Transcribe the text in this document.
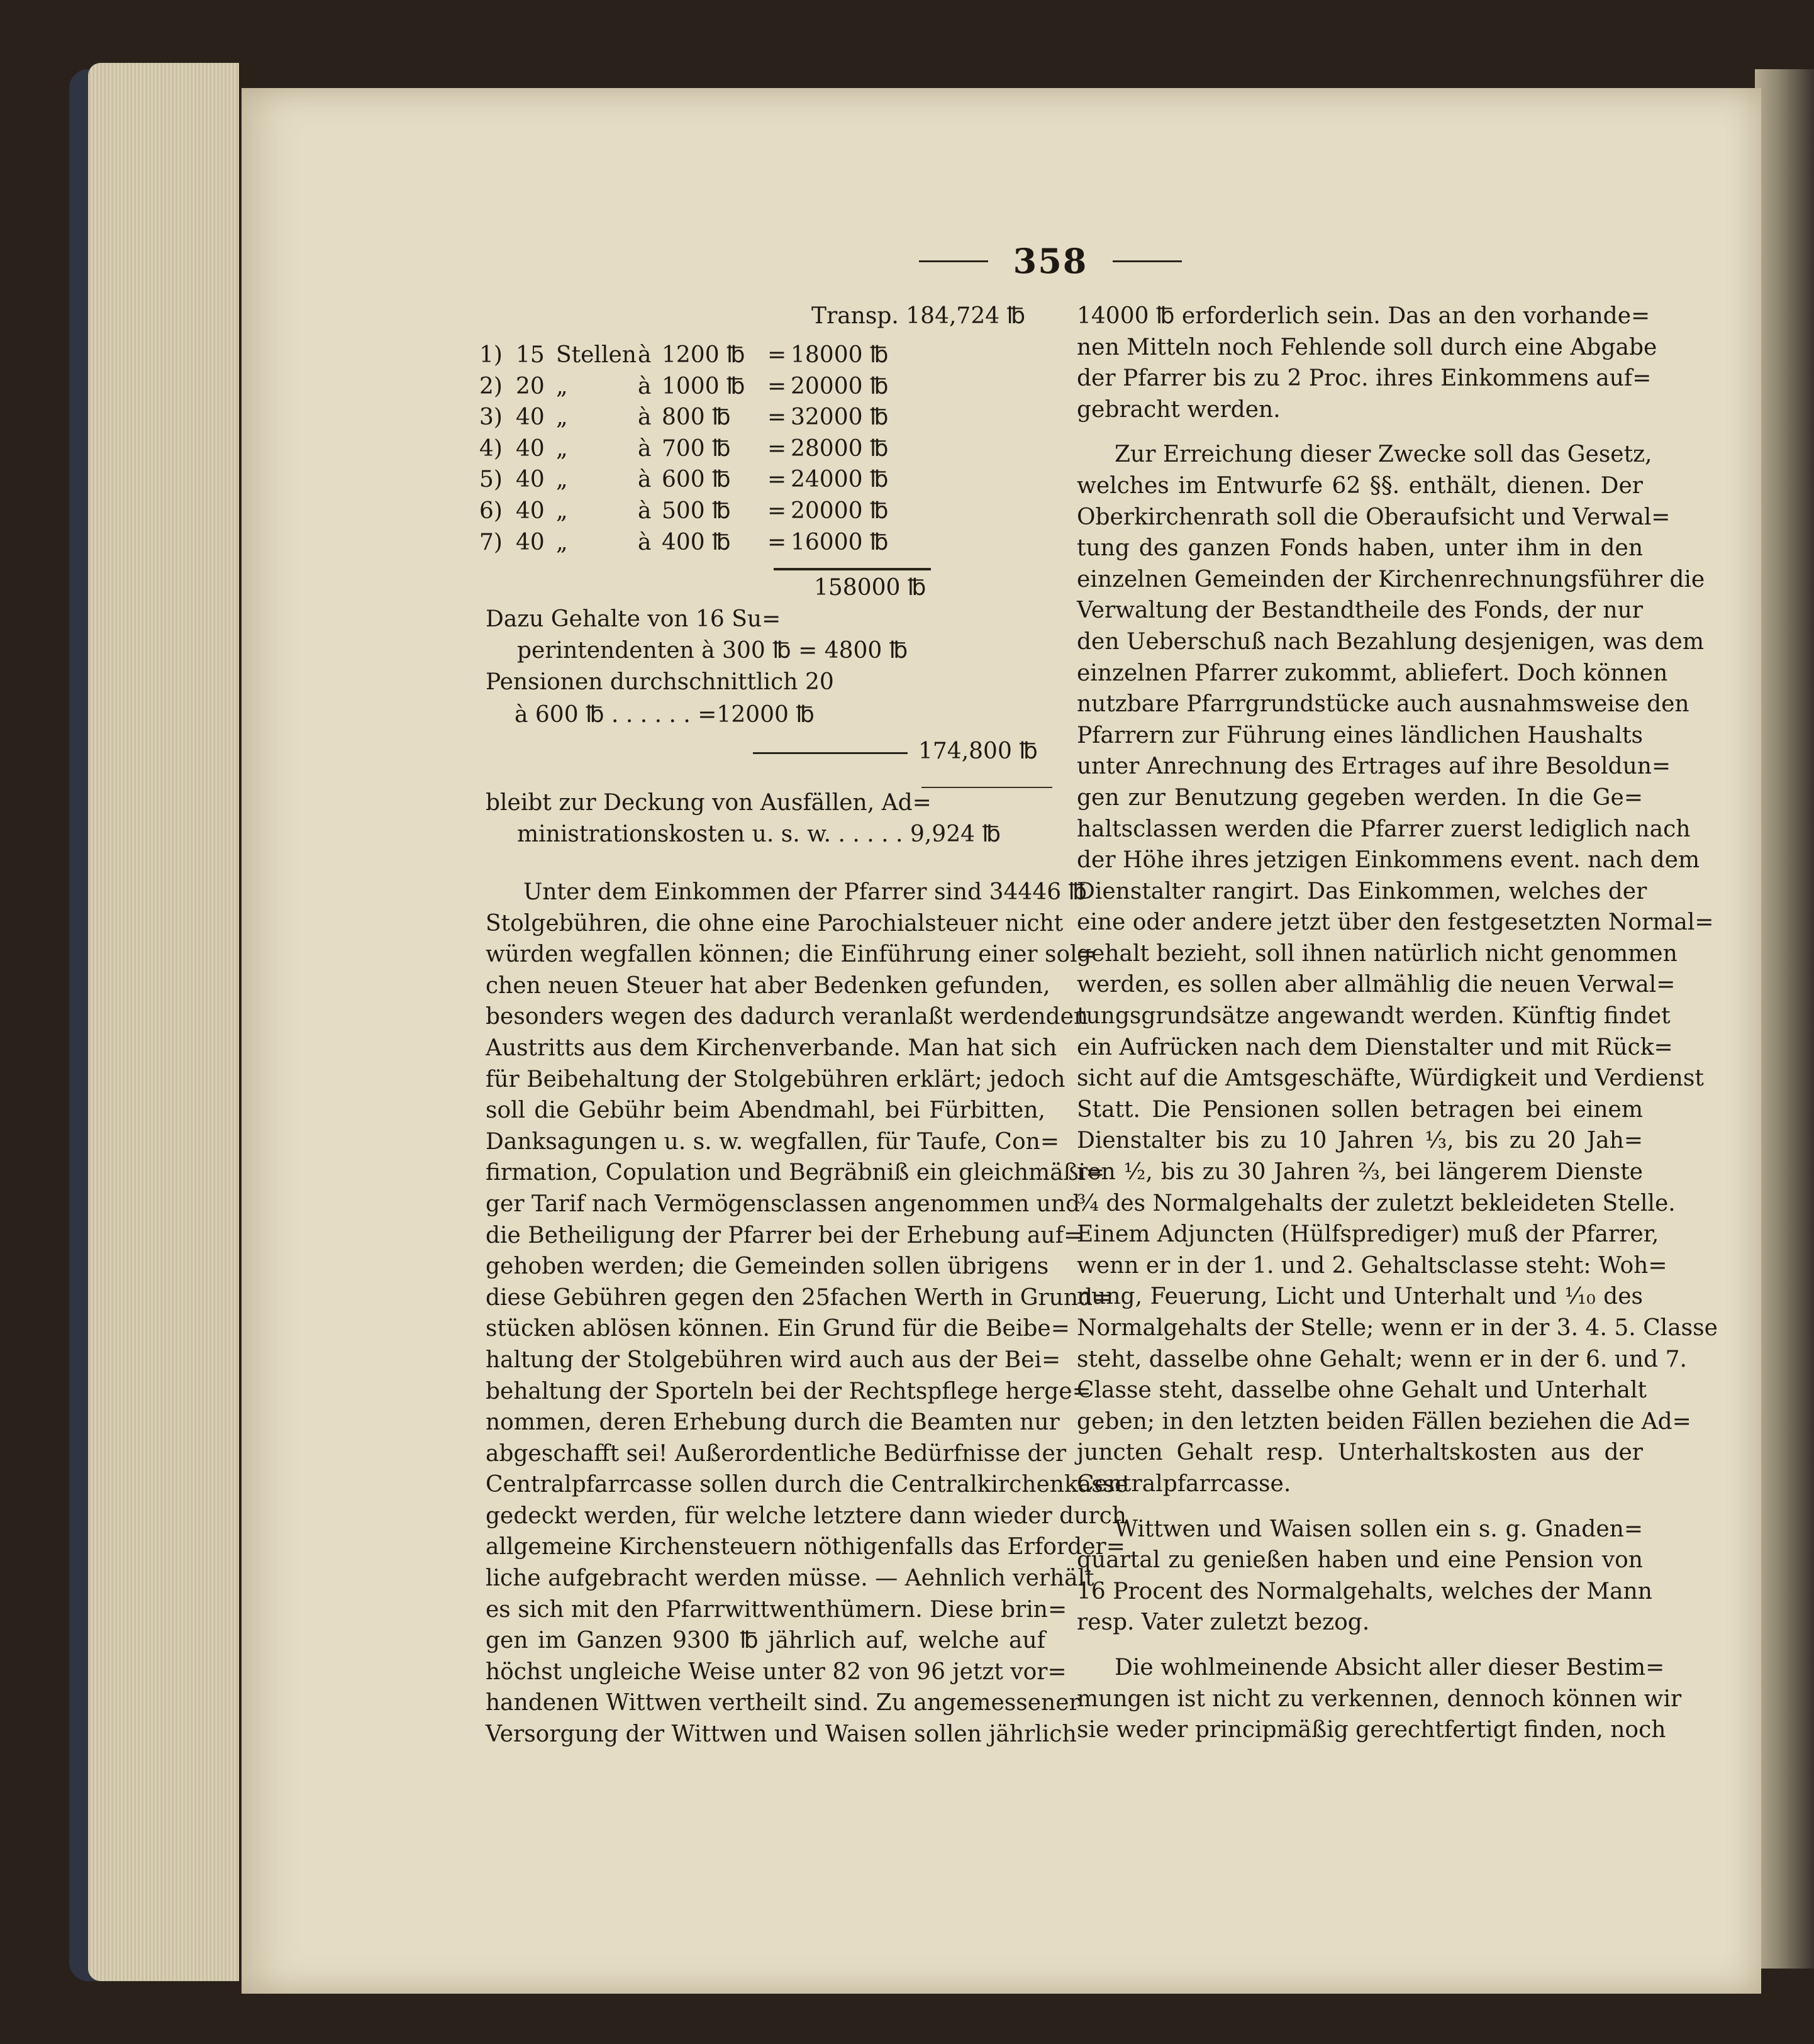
358
Transp. 184,724 ℔
1) 15 Stellen à 1200 ℔ = 18000 ℔
2) 20 „	à 1000 ℔ = 20000 ℔
3) 40 „	à 800 ℔ = 32000 ℔
4) 40 „	à 700 ℔ = 28000 ℔
5) 40 „	à 600 ℔ = 24000 ℔
6) 40 „	à 500 ℔ = 20000 ℔
7) 40 „	à 400 ℔ = 16000 ℔
158000 ℔
Dazu Gehalte von 16 Su=
perintendenten à 300 ℔ = 4800 ℔
Pensionen durchschnittlich 20
à 600 ℔ . . . . . . =12000 ℔
174,800 ℔
bleibt zur Deckung von Ausfällen, Ad=
ministrationskosten u. s. w. . . . . . 9,924 ℔
Unter dem Einkommen der Pfarrer sind 34446 ℔
Stolgebühren, die ohne eine Parochialsteuer nicht
würden wegfallen können; die Einführung einer sol=
chen neuen Steuer hat aber Bedenken gefunden,
besonders wegen des dadurch veranlaßt werdenden
Austritts aus dem Kirchenverbande. Man hat sich
für Beibehaltung der Stolgebühren erklärt; jedoch
soll die Gebühr beim Abendmahl, bei Fürbitten,
Danksagungen u. s. w. wegfallen, für Taufe, Con=
firmation, Copulation und Begräbniß ein gleichmäßi=
ger Tarif nach Vermögensclassen angenommen und
die Betheiligung der Pfarrer bei der Erhebung auf=
gehoben werden; die Gemeinden sollen übrigens
diese Gebühren gegen den 25fachen Werth in Grund=
stücken ablösen können. Ein Grund für die Beibe=
haltung der Stolgebühren wird auch aus der Bei=
behaltung der Sporteln bei der Rechtspflege herge=
nommen, deren Erhebung durch die Beamten nur
abgeschafft sei! Außerordentliche Bedürfnisse der
Centralpfarrcasse sollen durch die Centralkirchenkasse
gedeckt werden, für welche letztere dann wieder durch
allgemeine Kirchensteuern nöthigenfalls das Erforder=
liche aufgebracht werden müsse. — Aehnlich verhält
es sich mit den Pfarrwittwenthümern. Diese brin=
gen im Ganzen 9300 ℔ jährlich auf, welche auf
höchst ungleiche Weise unter 82 von 96 jetzt vor=
handenen Wittwen vertheilt sind. Zu angemessener
Versorgung der Wittwen und Waisen sollen jährlich
14000 ℔ erforderlich sein. Das an den vorhande=
nen Mitteln noch Fehlende soll durch eine Abgabe
der Pfarrer bis zu 2 Proc. ihres Einkommens auf=
gebracht werden.
Zur Erreichung dieser Zwecke soll das Gesetz,
welches im Entwurfe 62 §§. enthält, dienen. Der
Oberkirchenrath soll die Oberaufsicht und Verwal=
tung des ganzen Fonds haben, unter ihm in den
einzelnen Gemeinden der Kirchenrechnungsführer die
Verwaltung der Bestandtheile des Fonds, der nur
den Ueberschuß nach Bezahlung desjenigen, was dem
einzelnen Pfarrer zukommt, abliefert. Doch können
nutzbare Pfarrgrundstücke auch ausnahmsweise den
Pfarrern zur Führung eines ländlichen Haushalts
unter Anrechnung des Ertrages auf ihre Besoldun=
gen zur Benutzung gegeben werden. In die Ge=
haltsclassen werden die Pfarrer zuerst lediglich nach
der Höhe ihres jetzigen Einkommens event. nach dem
Dienstalter rangirt. Das Einkommen, welches der
eine oder andere jetzt über den festgesetzten Normal=
gehalt bezieht, soll ihnen natürlich nicht genommen
werden, es sollen aber allmählig die neuen Verwal=
tungsgrundsätze angewandt werden. Künftig findet
ein Aufrücken nach dem Dienstalter und mit Rück=
sicht auf die Amtsgeschäfte, Würdigkeit und Verdienst
Statt. Die Pensionen sollen betragen bei einem
Dienstalter bis zu 10 Jahren ¹⁄₃, bis zu 20 Jah=
ren ¹⁄₂, bis zu 30 Jahren ²⁄₃, bei längerem Dienste
³⁄₄ des Normalgehalts der zuletzt bekleideten Stelle.
Einem Adjuncten (Hülfsprediger) muß der Pfarrer,
wenn er in der 1. und 2. Gehaltsclasse steht: Woh=
nung, Feuerung, Licht und Unterhalt und ¹⁄₁₀ des
Normalgehalts der Stelle; wenn er in der 3. 4. 5. Classe
steht, dasselbe ohne Gehalt; wenn er in der 6. und 7.
Classe steht, dasselbe ohne Gehalt und Unterhalt
geben; in den letzten beiden Fällen beziehen die Ad=
juncten Gehalt resp. Unterhaltskosten aus der
Centralpfarrcasse.
Wittwen und Waisen sollen ein s. g. Gnaden=
quartal zu genießen haben und eine Pension von
16 Procent des Normalgehalts, welches der Mann
resp. Vater zuletzt bezog.
Die wohlmeinende Absicht aller dieser Bestim=
mungen ist nicht zu verkennen, dennoch können wir
sie weder principmäßig gerechtfertigt finden, noch
